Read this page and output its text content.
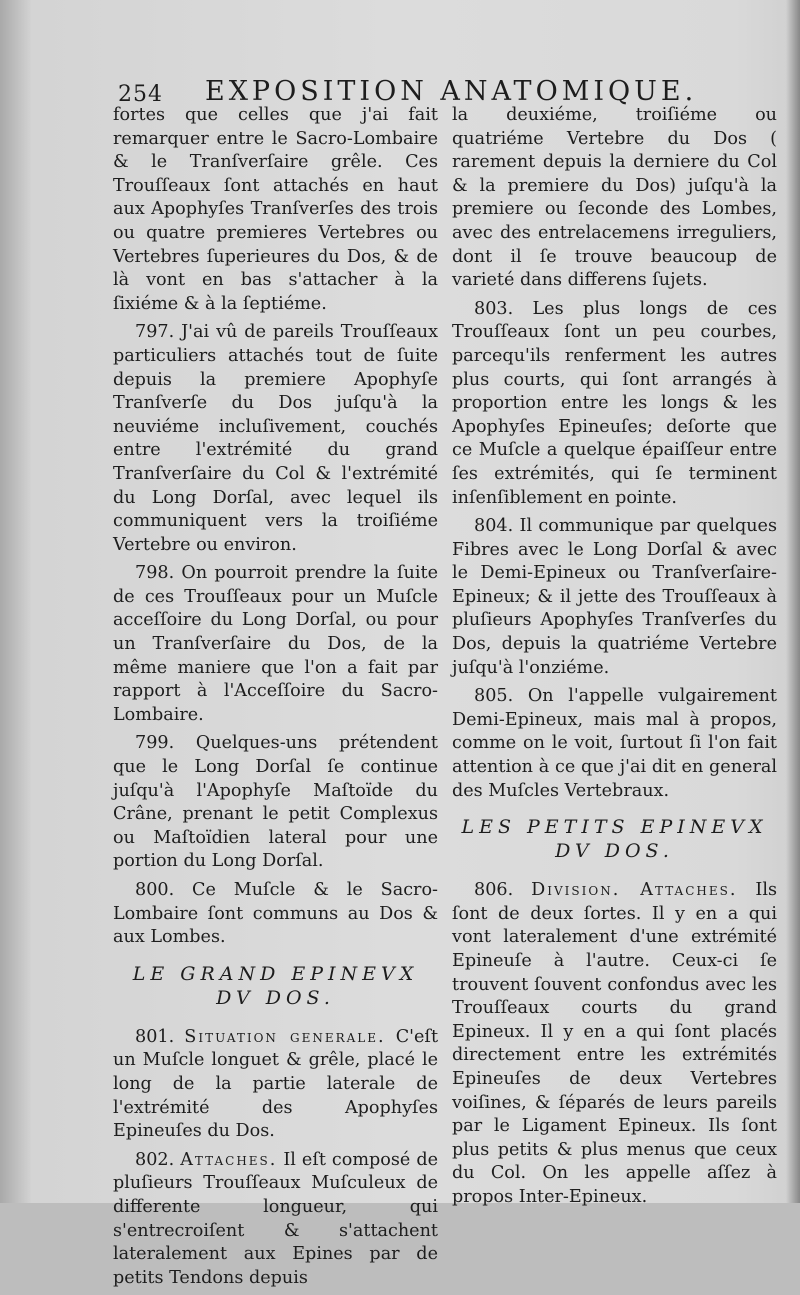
254 EXPOSITION ANATOMIQUE.

fortes que celles que j'ai fait remarquer entre le Sacro-Lombaire & le Tranſverſaire grêle. Ces Trouſſeaux ſont attachés en haut aux Apophyſes Tranſverſes des trois ou quatre premieres Vertebres ou Vertebres ſuperieures du Dos, & de là vont en bas s'attacher à la ſixiéme & à la ſeptiéme.

797. J'ai vû de pareils Trouſſeaux particuliers attachés tout de ſuite depuis la premiere Apophyſe Tranſverſe du Dos juſqu'à la neuviéme incluſivement, couchés entre l'extrémité du grand Tranſverſaire du Col & l'extrémité du Long Dorſal, avec lequel ils communiquent vers la troiſiéme Vertebre ou environ.

798. On pourroit prendre la ſuite de ces Trouſſeaux pour un Muſcle acceſſoire du Long Dorſal, ou pour un Tranſverſaire du Dos, de la même maniere que l'on a fait par rapport à l'Acceſſoire du Sacro-Lombaire.

799. Quelques-uns prétendent que le Long Dorſal ſe continue juſqu'à l'Apophyſe Maſtoïde du Crâne, prenant le petit Complexus ou Maſtoïdien lateral pour une portion du Long Dorſal.

800. Ce Muſcle & le Sacro-Lombaire ſont communs au Dos & aux Lombes.

LE GRAND EPINEVX DV DOS.

801. Situation generale. C'eſt un Muſcle longuet & grêle, placé le long de la partie laterale de l'extrémité des Apophyſes Epineuſes du Dos.

802. Attaches. Il eſt composé de pluſieurs Trouſſeaux Muſculeux de differente longueur, qui s'entrecroiſent & s'attachent lateralement aux Epines par de petits Tendons depuis

la deuxiéme, troiſiéme ou quatriéme Vertebre du Dos ( rarement depuis la derniere du Col & la premiere du Dos) juſqu'à la premiere ou ſeconde des Lombes, avec des entrelacemens irreguliers, dont il ſe trouve beaucoup de varieté dans differens ſujets.

803. Les plus longs de ces Trouſſeaux ſont un peu courbes, parcequ'ils renferment les autres plus courts, qui ſont arrangés à proportion entre les longs & les Apophyſes Epineuſes; deſorte que ce Muſcle a quelque épaiſſeur entre ſes extrémités, qui ſe terminent inſenſiblement en pointe.

804. Il communique par quelques Fibres avec le Long Dorſal & avec le Demi-Epineux ou Tranſverſaire-Epineux; & il jette des Trouſſeaux à pluſieurs Apophyſes Tranſverſes du Dos, depuis la quatriéme Vertebre juſqu'à l'onziéme.

805. On l'appelle vulgairement Demi-Epineux, mais mal à propos, comme on le voit, ſurtout ſi l'on fait attention à ce que j'ai dit en general des Muſcles Vertebraux.

LES PETITS EPINEVX DV DOS.

806. Division. Attaches. Ils ſont de deux ſortes. Il y en a qui vont lateralement d'une extrémité Epineuſe à l'autre. Ceux-ci ſe trouvent ſouvent confondus avec les Trouſſeaux courts du grand Epineux. Il y en a qui ſont placés directement entre les extrémités Epineuſes de deux Vertebres voiſines, & ſéparés de leurs pareils par le Ligament Epineux. Ils ſont plus petits & plus menus que ceux du Col. On les appelle aſſez à propos Inter-Epineux.
